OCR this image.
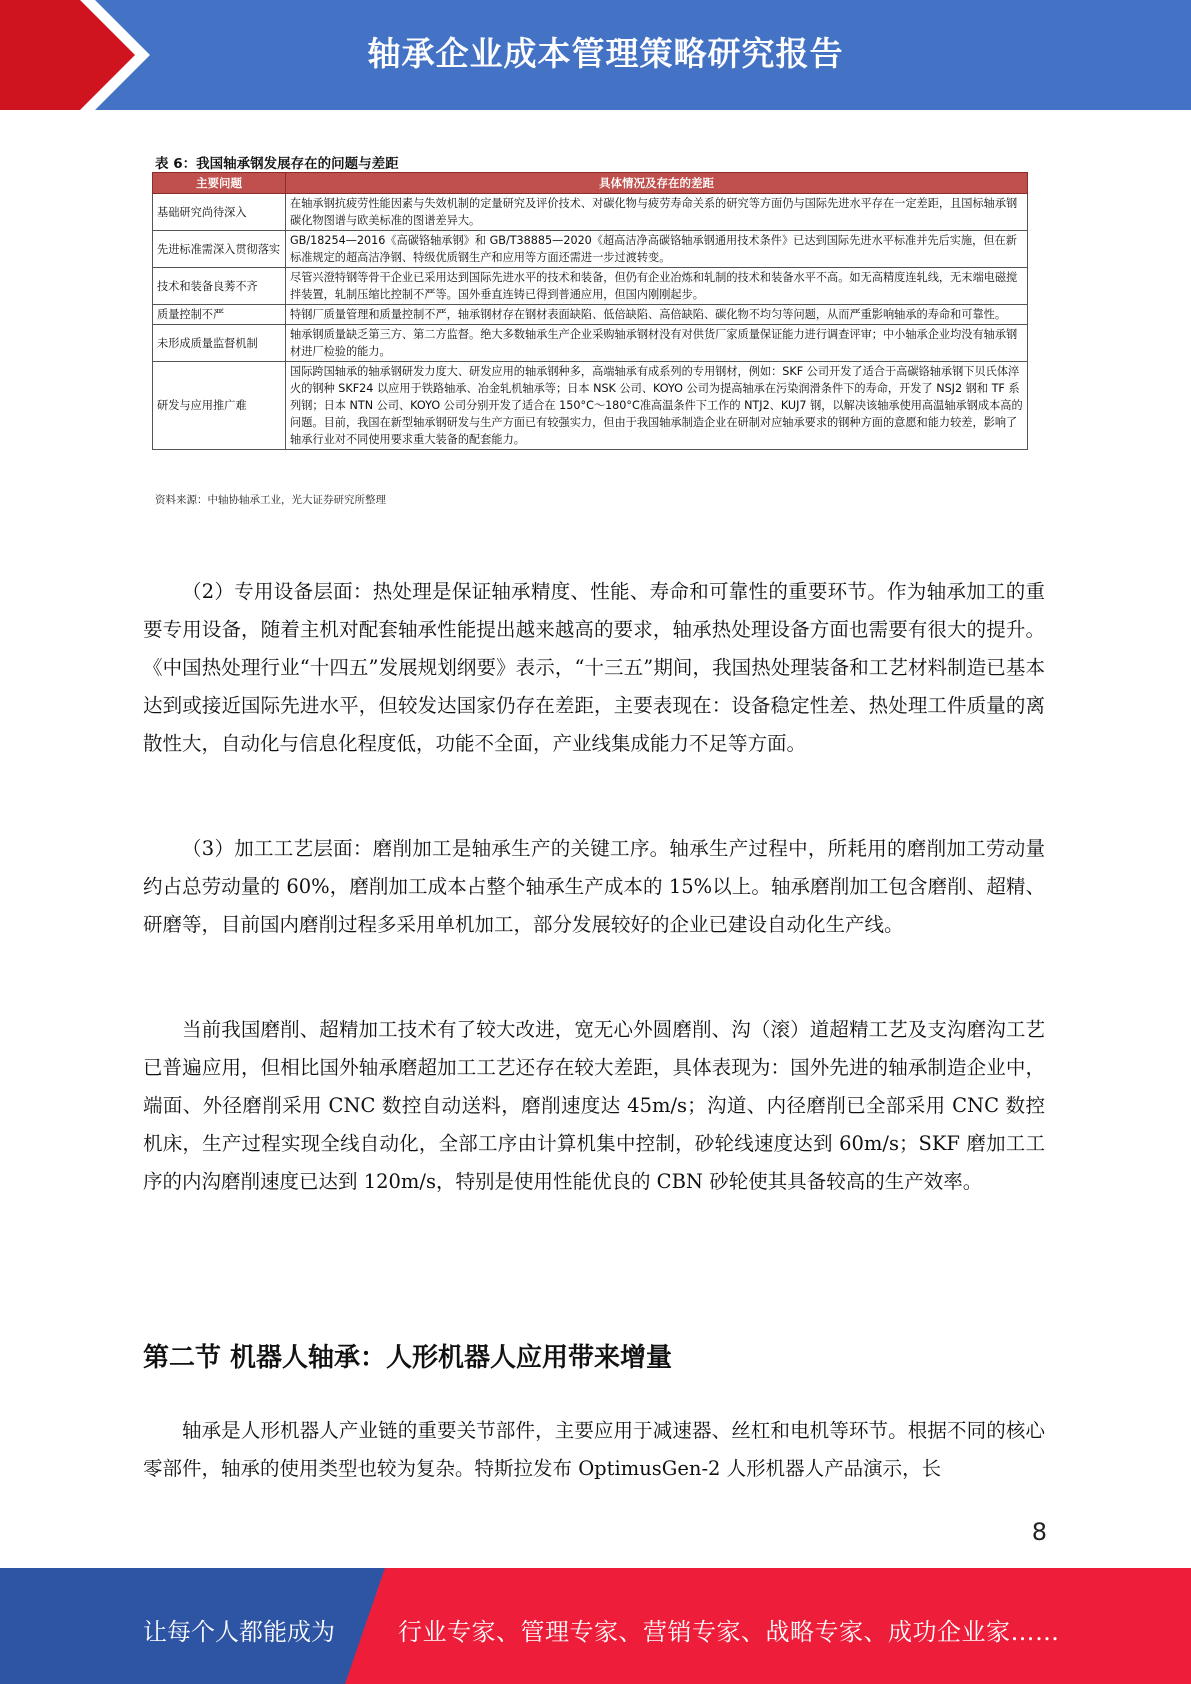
轴承企业成本管理策略研究报告
表 6：我国轴承钢发展存在的问题与差距
主要问题	具体情况及存在的差距
基础研究尚待深入	在轴承钢抗疲劳性能因素与失效机制的定量研究及评价技术、对碳化物与疲劳寿命关系的研究等方面仍与国际先进水平存在一定差距，且国标轴承钢碳化物图谱与欧美标准的图谱差异大。
先进标准需深入贯彻落实	GB/18254—2016《高碳铬轴承钢》和 GB/T38885—2020《超高洁净高碳铬轴承钢通用技术条件》已达到国际先进水平标准并先后实施，但在新标准规定的超高洁净钢、特级优质钢生产和应用等方面还需进一步过渡转变。
技术和装备良莠不齐	尽管兴澄特钢等骨干企业已采用达到国际先进水平的技术和装备，但仍有企业冶炼和轧制的技术和装备水平不高。如无高精度连轧线，无末端电磁搅拌装置，轧制压缩比控制不严等。国外垂直连铸已得到普通应用，但国内刚刚起步。
质量控制不严	特钢厂质量管理和质量控制不严，轴承钢材存在钢材表面缺陷、低倍缺陷、高倍缺陷、碳化物不均匀等问题，从而严重影响轴承的寿命和可靠性。
未形成质量监督机制	轴承钢质量缺乏第三方、第二方监督。绝大多数轴承生产企业采购轴承钢材没有对供货厂家质量保证能力进行调查评审；中小轴承企业均没有轴承钢材进厂检验的能力。
研发与应用推广难	国际跨国轴承的轴承钢研发力度大、研发应用的轴承钢种多，高端轴承有成系列的专用钢材，例如：SKF 公司开发了适合于高碳铬轴承钢下贝氏体淬火的钢种 SKF24 以应用于铁路轴承、冶金轧机轴承等；日本 NSK 公司、KOYO 公司为提高轴承在污染润滑条件下的寿命，开发了 NSJ2 钢和 TF 系列钢；日本 NTN 公司、KOYO 公司分别开发了适合在 150°C～180°C准高温条件下工作的 NTJ2、KUJ7 钢，以解决该轴承使用高温轴承钢成本高的问题。目前，我国在新型轴承钢研发与生产方面已有较强实力，但由于我国轴承制造企业在研制对应轴承要求的钢种方面的意愿和能力较差，影响了轴承行业对不同使用要求重大装备的配套能力。
资料来源：中轴协轴承工业，光大证券研究所整理

（2）专用设备层面：热处理是保证轴承精度、性能、寿命和可靠性的重要环节。作为轴承加工的重要专用设备，随着主机对配套轴承性能提出越来越高的要求，轴承热处理设备方面也需要有很大的提升。《中国热处理行业“十四五”发展规划纲要》表示，“十三五”期间，我国热处理装备和工艺材料制造已基本达到或接近国际先进水平，但较发达国家仍存在差距，主要表现在：设备稳定性差、热处理工件质量的离散性大，自动化与信息化程度低，功能不全面，产业线集成能力不足等方面。

（3）加工工艺层面：磨削加工是轴承生产的关键工序。轴承生产过程中，所耗用的磨削加工劳动量约占总劳动量的 60%，磨削加工成本占整个轴承生产成本的 15%以上。轴承磨削加工包含磨削、超精、研磨等，目前国内磨削过程多采用单机加工，部分发展较好的企业已建设自动化生产线。

当前我国磨削、超精加工技术有了较大改进，宽无心外圆磨削、沟（滚）道超精工艺及支沟磨沟工艺已普遍应用，但相比国外轴承磨超加工工艺还存在较大差距，具体表现为：国外先进的轴承制造企业中，端面、外径磨削采用 CNC 数控自动送料，磨削速度达 45m/s；沟道、内径磨削已全部采用 CNC 数控机床，生产过程实现全线自动化，全部工序由计算机集中控制，砂轮线速度达到 60m/s；SKF 磨加工工序的内沟磨削速度已达到 120m/s，特别是使用性能优良的 CBN 砂轮使其具备较高的生产效率。

第二节 机器人轴承：人形机器人应用带来增量

轴承是人形机器人产业链的重要关节部件，主要应用于减速器、丝杠和电机等环节。根据不同的核心零部件，轴承的使用类型也较为复杂。特斯拉发布 OptimusGen-2 人形机器人产品演示，长

8
让每个人都能成为	行业专家、管理专家、营销专家、战略专家、成功企业家……
